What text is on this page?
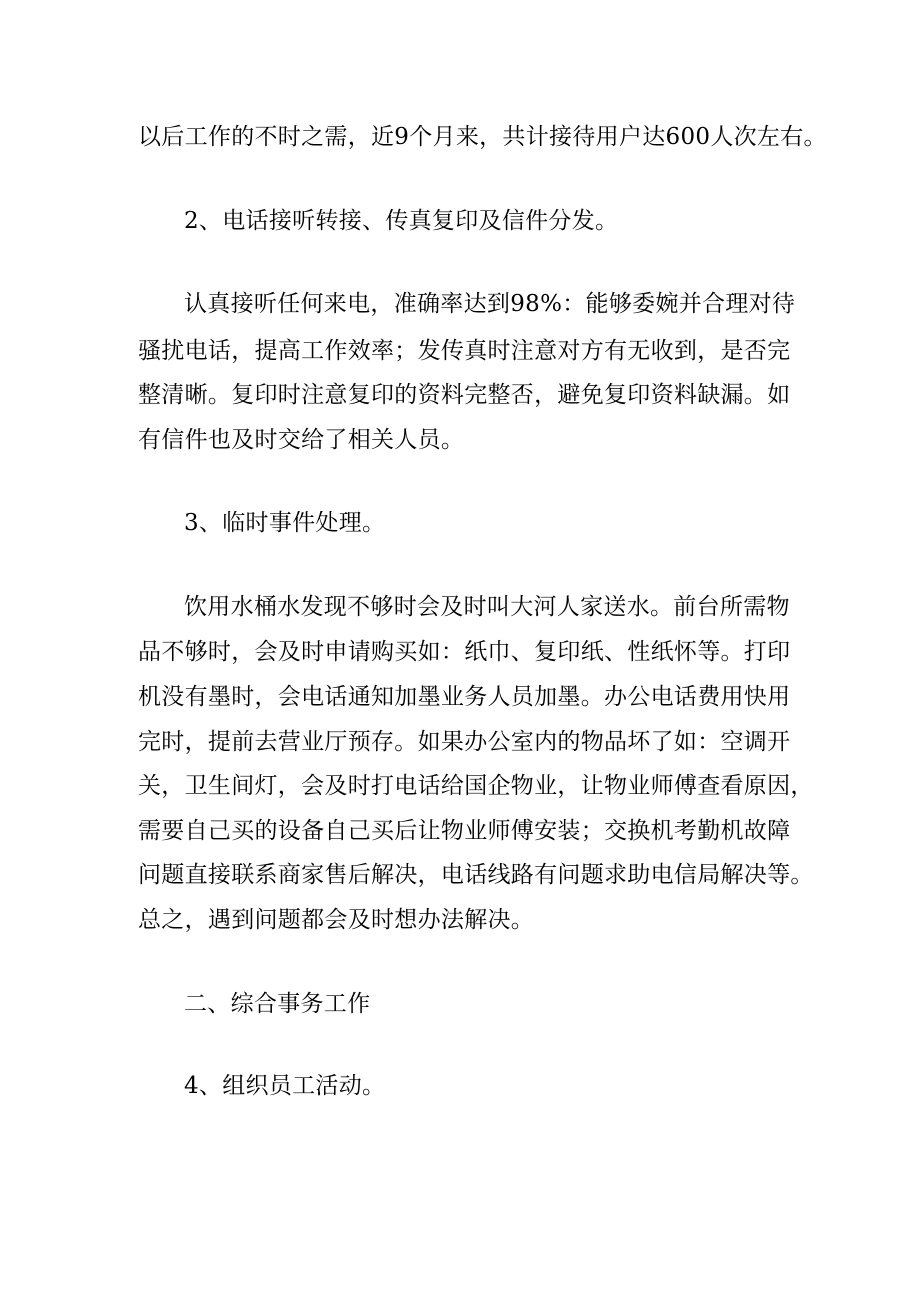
以后工作的不时之需，近9个月来，共计接待用户达600人次左右。
2、电话接听转接、传真复印及信件分发。
认真接听任何来电，准确率达到98%：能够委婉并合理对待
骚扰电话，提高工作效率；发传真时注意对方有无收到，是否完
整清晰。复印时注意复印的资料完整否，避免复印资料缺漏。如
有信件也及时交给了相关人员。
3、临时事件处理。
饮用水桶水发现不够时会及时叫大河人家送水。前台所需物
品不够时，会及时申请购买如：纸巾、复印纸、性纸怀等。打印
机没有墨时，会电话通知加墨业务人员加墨。办公电话费用快用
完时，提前去营业厅预存。如果办公室内的物品坏了如：空调开
关，卫生间灯，会及时打电话给国企物业，让物业师傅查看原因，
需要自己买的设备自己买后让物业师傅安装；交换机考勤机故障
问题直接联系商家售后解决，电话线路有问题求助电信局解决等。
总之，遇到问题都会及时想办法解决。
二、综合事务工作
4、组织员工活动。
